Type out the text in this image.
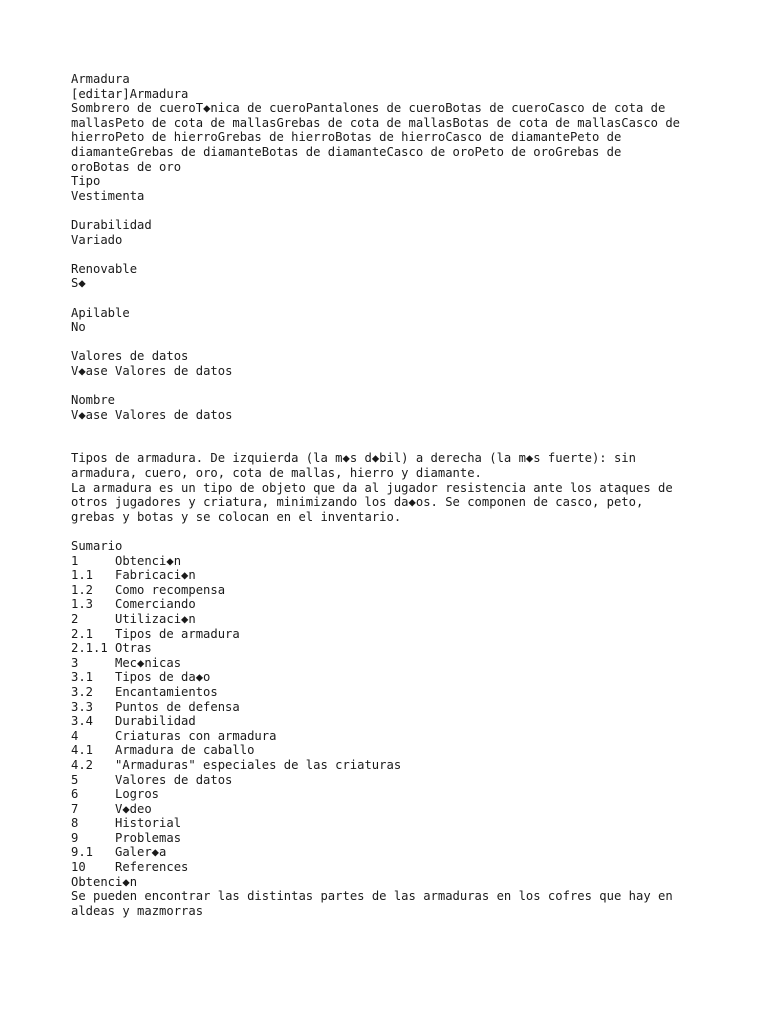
Armadura
[editar]Armadura
Sombrero de cueroT◆nica de cueroPantalones de cueroBotas de cueroCasco de cota de
mallasPeto de cota de mallasGrebas de cota de mallasBotas de cota de mallasCasco de
hierroPeto de hierroGrebas de hierroBotas de hierroCasco de diamantePeto de
diamanteGrebas de diamanteBotas de diamanteCasco de oroPeto de oroGrebas de
oroBotas de oro
Tipo
Vestimenta
Durabilidad
Variado
Renovable
S◆
Apilable
No
Valores de datos
V◆ase Valores de datos
Nombre
V◆ase Valores de datos
Tipos de armadura. De izquierda (la m◆s d◆bil) a derecha (la m◆s fuerte): sin
armadura, cuero, oro, cota de mallas, hierro y diamante.
La armadura es un tipo de objeto que da al jugador resistencia ante los ataques de
otros jugadores y criatura, minimizando los da◆os. Se componen de casco, peto,
grebas y botas y se colocan en el inventario.
Sumario
1	Obtenci◆n
1.1	Fabricaci◆n
1.2	Como recompensa
1.3	Comerciando
2	Utilizaci◆n
2.1	Tipos de armadura
2.1.1 Otras
3	Mec◆nicas
3.1	Tipos de da◆o
3.2	Encantamientos
3.3	Puntos de defensa
3.4	Durabilidad
4	Criaturas con armadura
4.1	Armadura de caballo
4.2	"Armaduras" especiales de las criaturas
5	Valores de datos
6	Logros
7	V◆deo
8	Historial
9	Problemas
9.1	Galer◆a
10	References
Obtenci◆n
Se pueden encontrar las distintas partes de las armaduras en los cofres que hay en
aldeas y mazmorras
